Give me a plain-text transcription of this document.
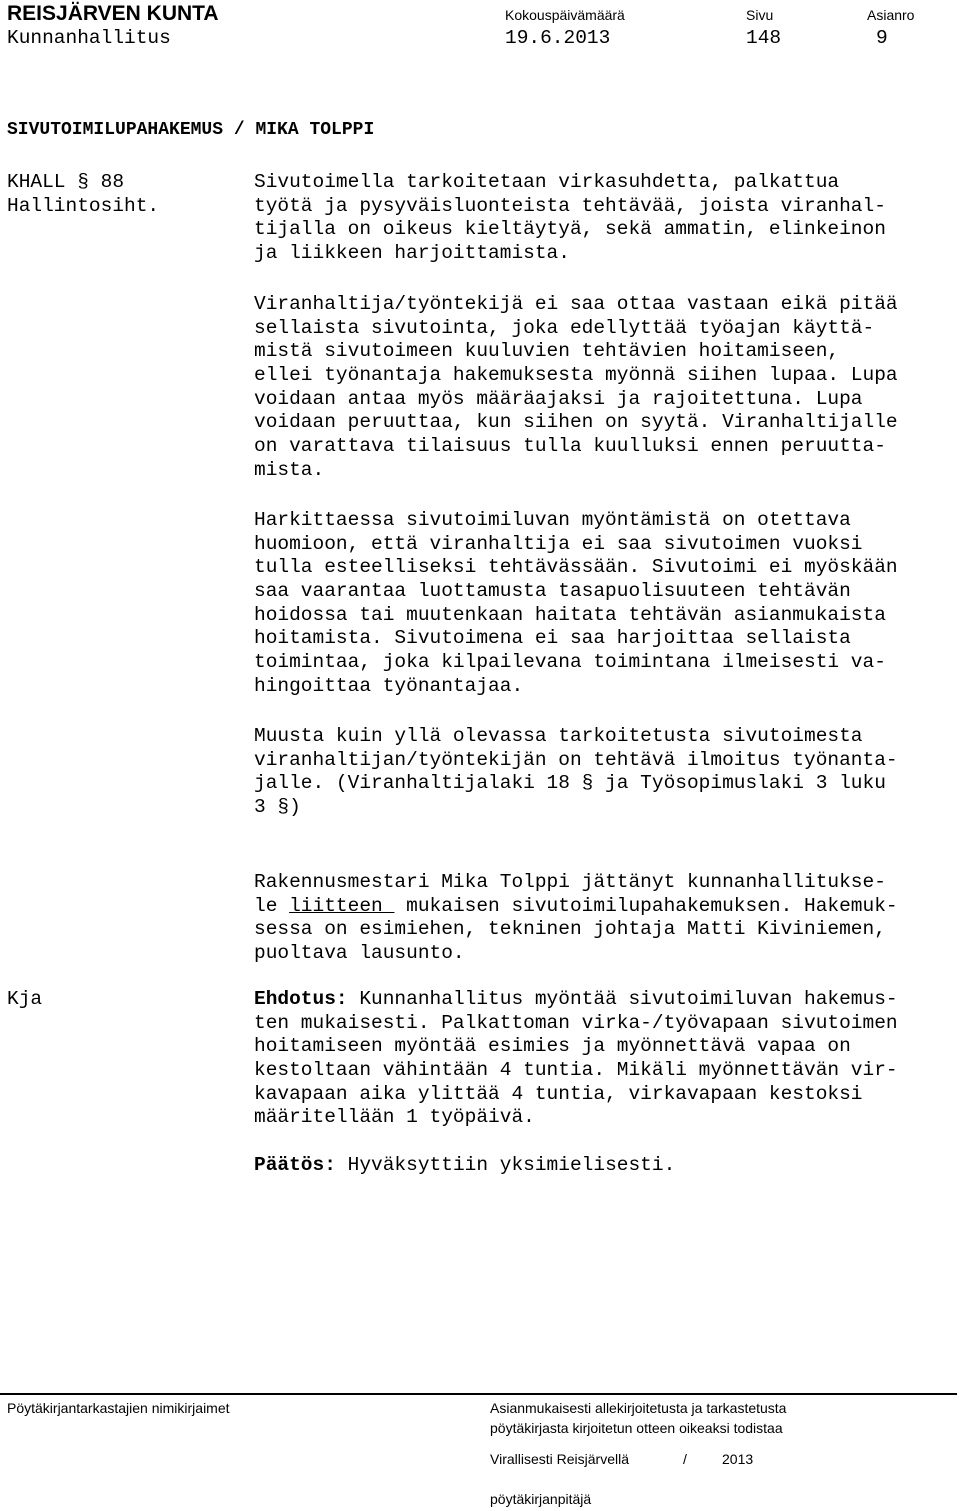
REISJÄRVEN KUNTA	Kokouspäivämäärä	Sivu	Asianro
Kunnanhallitus	19.6.2013	148	9
SIVUTOIMILUPAHAKEMUS / MIKA TOLPPI
KHALL § 88
Hallintosiht.
Kja
Sivutoimella tarkoitetaan virkasuhdetta, palkattua
työtä ja pysyväisluonteista tehtävää, joista viranhal-
tijalla on oikeus kieltäytyä, sekä ammatin, elinkeinon
ja liikkeen harjoittamista.
Viranhaltija/työntekijä ei saa ottaa vastaan eikä pitää
sellaista sivutointa, joka edellyttää työajan käyttä-
mistä sivutoimeen kuuluvien tehtävien hoitamiseen,
ellei työnantaja hakemuksesta myönnä siihen lupaa. Lupa
voidaan antaa myös määräajaksi ja rajoitettuna. Lupa
voidaan peruuttaa, kun siihen on syytä. Viranhaltijalle
on varattava tilaisuus tulla kuulluksi ennen peruutta-
mista.
Harkittaessa sivutoimiluvan myöntämistä on otettava
huomioon, että viranhaltija ei saa sivutoimen vuoksi
tulla esteelliseksi tehtävässään. Sivutoimi ei myöskään
saa vaarantaa luottamusta tasapuolisuuteen tehtävän
hoidossa tai muutenkaan haitata tehtävän asianmukaista
hoitamista. Sivutoimena ei saa harjoittaa sellaista
toimintaa, joka kilpailevana toimintana ilmeisesti va-
hingoittaa työnantajaa.
Muusta kuin yllä olevassa tarkoitetusta sivutoimesta
viranhaltijan/työntekijän on tehtävä ilmoitus työnanta-
jalle. (Viranhaltijalaki 18 § ja Työsopimuslaki 3 luku
3 §)
Rakennusmestari Mika Tolppi jättänyt kunnanhallitukse-
le liitteen  mukaisen sivutoimilupahakemuksen. Hakemuk-
sessa on esimiehen, tekninen johtaja Matti Kiviniemen,
puoltava lausunto.
Ehdotus: Kunnanhallitus myöntää sivutoimiluvan hakemus-
ten mukaisesti. Palkattoman virka-/työvapaan sivutoimen
hoitamiseen myöntää esimies ja myönnettävä vapaa on
kestoltaan vähintään 4 tuntia. Mikäli myönnettävän vir-
kavapaan aika ylittää 4 tuntia, virkavapaan kestoksi
määritellään 1 työpäivä.
Päätös: Hyväksyttiin yksimielisesti.
Pöytäkirjantarkastajien nimikirjaimet	Asianmukaisesti allekirjoitetusta ja tarkastetusta
pöytäkirjasta kirjoitetun otteen oikeaksi todistaa
Virallisesti Reisjärvellä	/	2013
pöytäkirjanpitäjä
